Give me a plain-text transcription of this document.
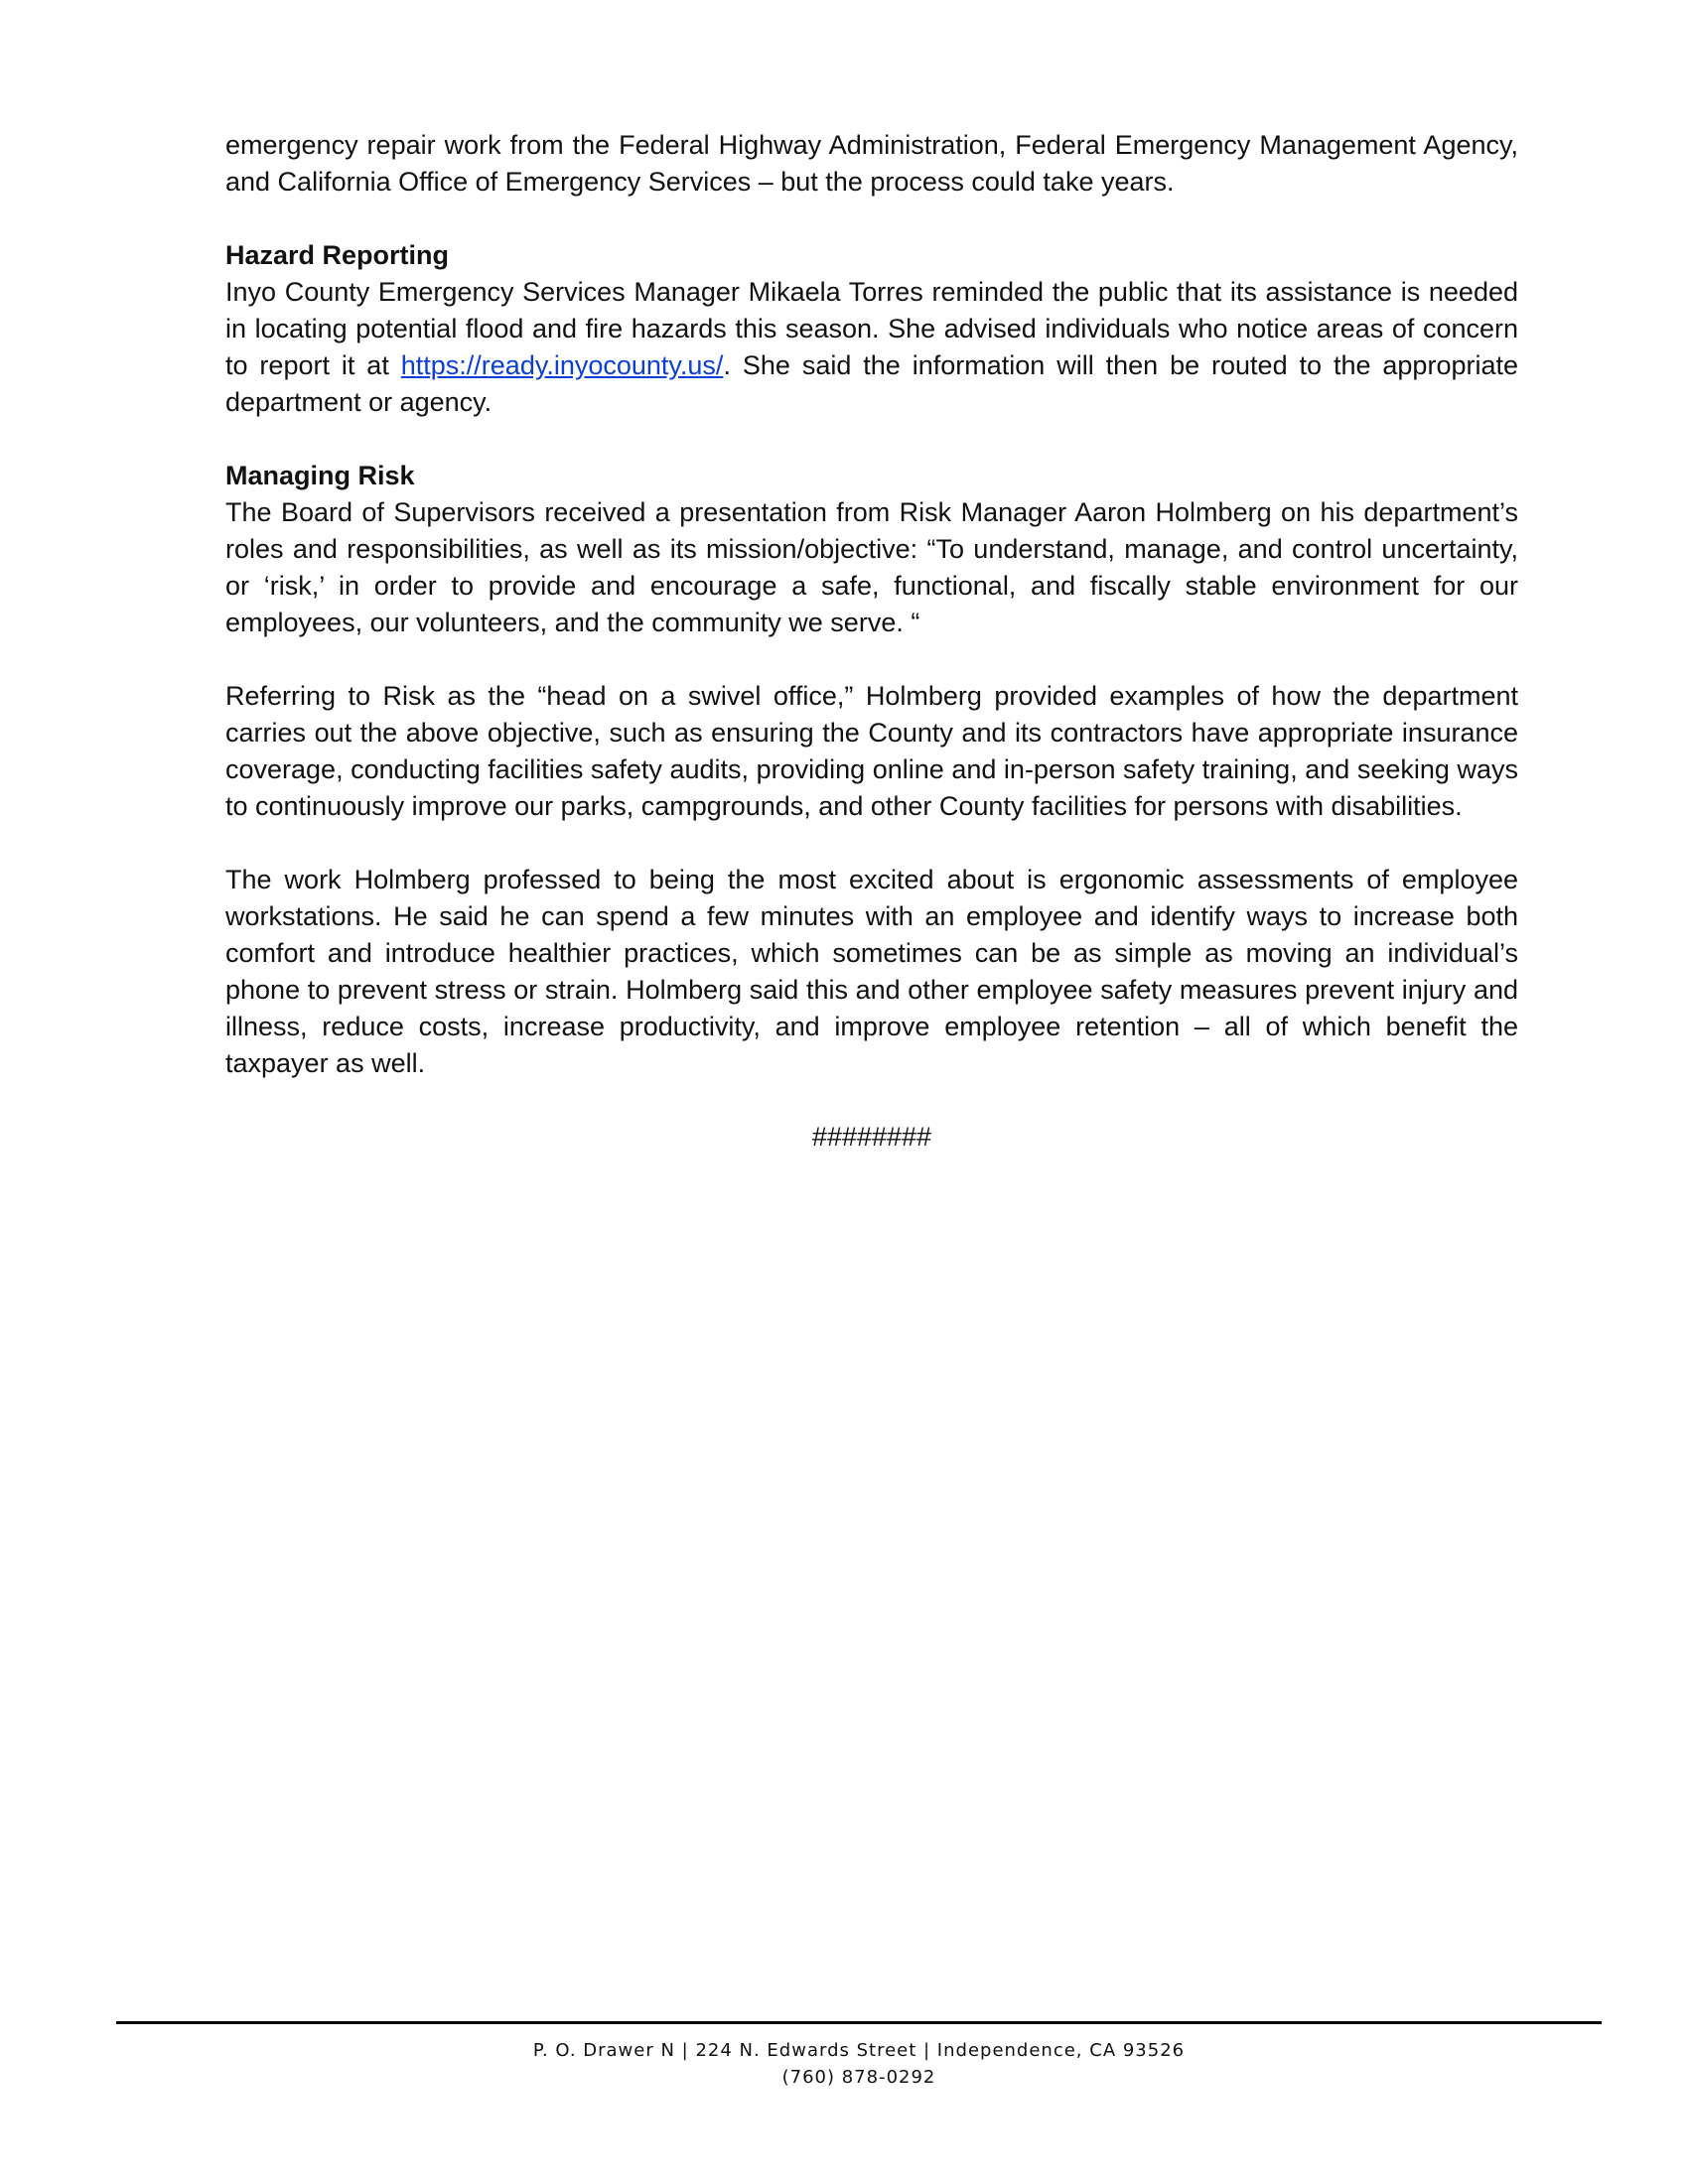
emergency repair work from the Federal Highway Administration, Federal Emergency Management Agency, and California Office of Emergency Services – but the process could take years.

Hazard Reporting

Inyo County Emergency Services Manager Mikaela Torres reminded the public that its assistance is needed in locating potential flood and fire hazards this season. She advised individuals who notice areas of concern to report it at https://ready.inyocounty.us/. She said the information will then be routed to the appropriate department or agency.

Managing Risk

The Board of Supervisors received a presentation from Risk Manager Aaron Holmberg on his department’s roles and responsibilities, as well as its mission/objective: “To understand, manage, and control uncertainty, or ‘risk,’ in order to provide and encourage a safe, functional, and fiscally stable environment for our employees, our volunteers, and the community we serve. “

Referring to Risk as the “head on a swivel office,” Holmberg provided examples of how the department carries out the above objective, such as ensuring the County and its contractors have appropriate insurance coverage, conducting facilities safety audits, providing online and in-person safety training, and seeking ways to continuously improve our parks, campgrounds, and other County facilities for persons with disabilities.

The work Holmberg professed to being the most excited about is ergonomic assessments of employee workstations. He said he can spend a few minutes with an employee and identify ways to increase both comfort and introduce healthier practices, which sometimes can be as simple as moving an individual’s phone to prevent stress or strain. Holmberg said this and other employee safety measures prevent injury and illness, reduce costs, increase productivity, and improve employee retention – all of which benefit the taxpayer as well.

########
P. O. Drawer N | 224 N. Edwards Street | Independence, CA 93526
(760) 878-0292
